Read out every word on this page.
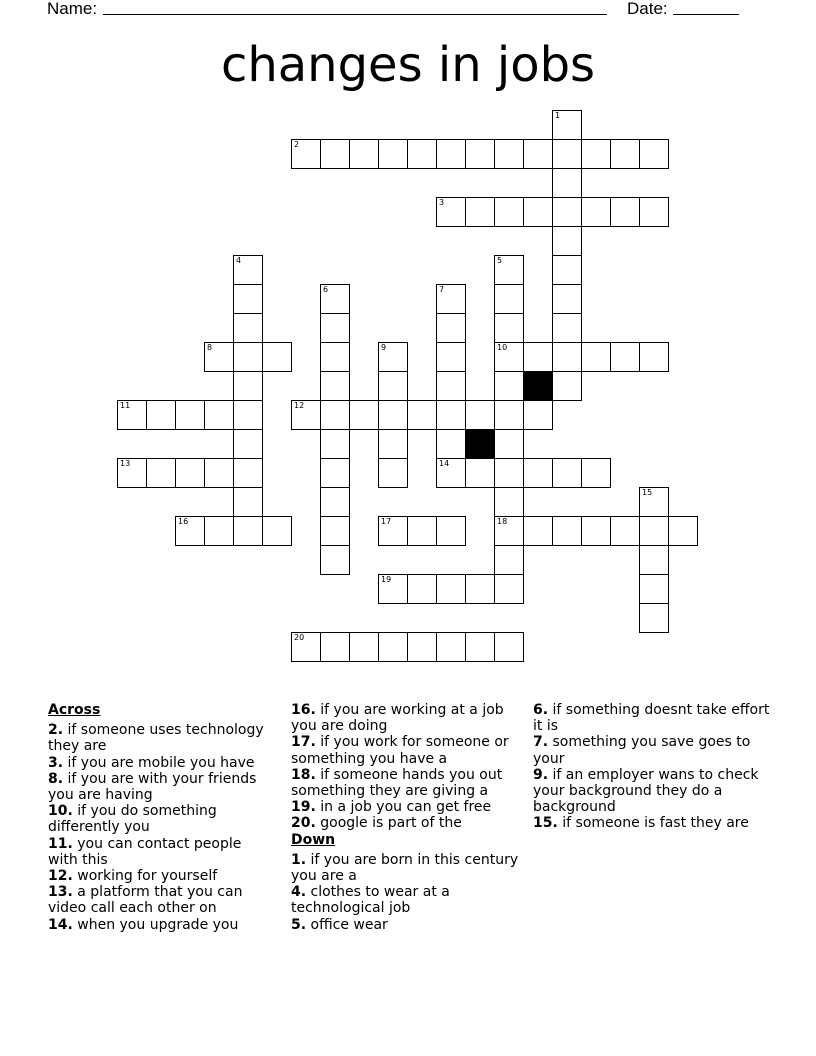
Name:	Date:
changes in jobs
1
2
3
4	5
10
18
6	7
14
8	9
11	12
13
15
16	17
19
20
Across

2. if someone uses technology they are

3. if you are mobile you have

8. if you are with your friends you are having

10. if you do something differently you

11. you can contact people with this

12. working for yourself

13. a platform that you can video call each other on

14. when you upgrade you

16. if you are working at a job you are doing

17. if you work for someone or something you have a

18. if someone hands you out something they are giving a

19. in a job you can get free

20. google is part of the

Down

1. if you are born in this century you are a

4. clothes to wear at a technological job

5. office wear

6. if something doesnt take effort it is

7. something you save goes to your

9. if an employer wans to check your background they do a background

15. if someone is fast they are
